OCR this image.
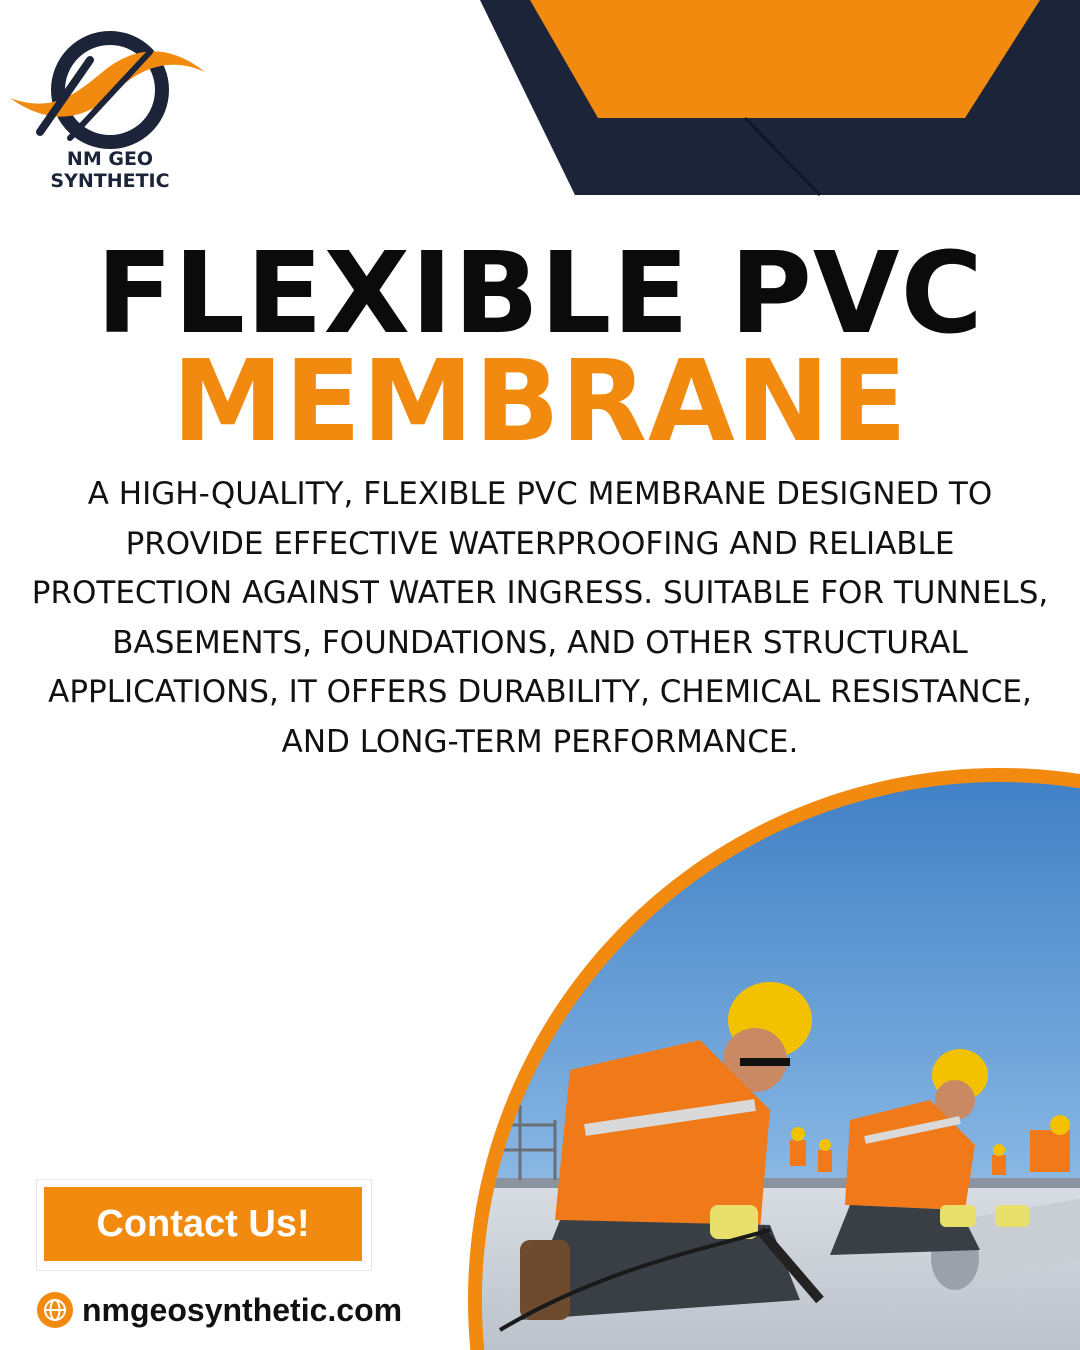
NM GEO
SYNTHETIC
FLEXIBLE PVC
MEMBRANE
A HIGH-QUALITY, FLEXIBLE PVC MEMBRANE DESIGNED TO PROVIDE EFFECTIVE WATERPROOFING AND RELIABLE PROTECTION AGAINST WATER INGRESS. SUITABLE FOR TUNNELS, BASEMENTS, FOUNDATIONS, AND OTHER STRUCTURAL APPLICATIONS, IT OFFERS DURABILITY, CHEMICAL RESISTANCE, AND LONG-TERM PERFORMANCE.
Contact Us!
nmgeosynthetic.com
